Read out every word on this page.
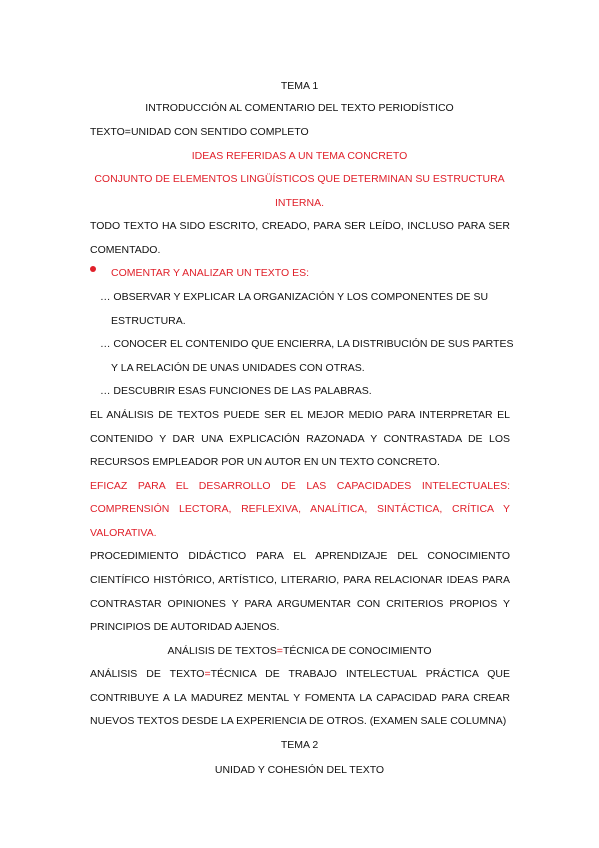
TEMA 1
INTRODUCCIÓN AL COMENTARIO DEL TEXTO PERIODÍSTICO
TEXTO=UNIDAD CON SENTIDO COMPLETO
IDEAS REFERIDAS A UN TEMA CONCRETO
CONJUNTO DE ELEMENTOS LINGÜÍSTICOS QUE DETERMINAN SU ESTRUCTURA
INTERNA.
TODO TEXTO HA SIDO ESCRITO, CREADO, PARA SER LEÍDO, INCLUSO PARA SER
COMENTADO.
COMENTAR Y ANALIZAR UN TEXTO ES:
… OBSERVAR Y EXPLICAR LA ORGANIZACIÓN Y LOS COMPONENTES DE SU
ESTRUCTURA.
… CONOCER EL CONTENIDO QUE ENCIERRA, LA DISTRIBUCIÓN DE SUS PARTES
Y LA RELACIÓN DE UNAS UNIDADES CON OTRAS.
… DESCUBRIR ESAS FUNCIONES DE LAS PALABRAS.
EL ANÁLISIS DE TEXTOS PUEDE SER EL MEJOR MEDIO PARA INTERPRETAR EL
CONTENIDO Y DAR UNA EXPLICACIÓN RAZONADA Y CONTRASTADA DE LOS
RECURSOS EMPLEADOR POR UN AUTOR EN UN TEXTO CONCRETO.
EFICAZ PARA EL DESARROLLO DE LAS CAPACIDADES INTELECTUALES:
COMPRENSIÓN LECTORA, REFLEXIVA, ANALÍTICA, SINTÁCTICA, CRÍTICA Y
VALORATIVA.
PROCEDIMIENTO DIDÁCTICO PARA EL APRENDIZAJE DEL CONOCIMIENTO
CIENTÍFICO HISTÓRICO, ARTÍSTICO, LITERARIO, PARA RELACIONAR IDEAS PARA
CONTRASTAR OPINIONES Y PARA ARGUMENTAR CON CRITERIOS PROPIOS Y
PRINCIPIOS DE AUTORIDAD AJENOS.
ANÁLISIS DE TEXTOS=TÉCNICA DE CONOCIMIENTO
ANÁLISIS DE TEXTO=TÉCNICA DE TRABAJO INTELECTUAL PRÁCTICA QUE
CONTRIBUYE A LA MADUREZ MENTAL Y FOMENTA LA CAPACIDAD PARA CREAR
NUEVOS TEXTOS DESDE LA EXPERIENCIA DE OTROS. (EXAMEN SALE COLUMNA)
TEMA 2
UNIDAD Y COHESIÓN DEL TEXTO
